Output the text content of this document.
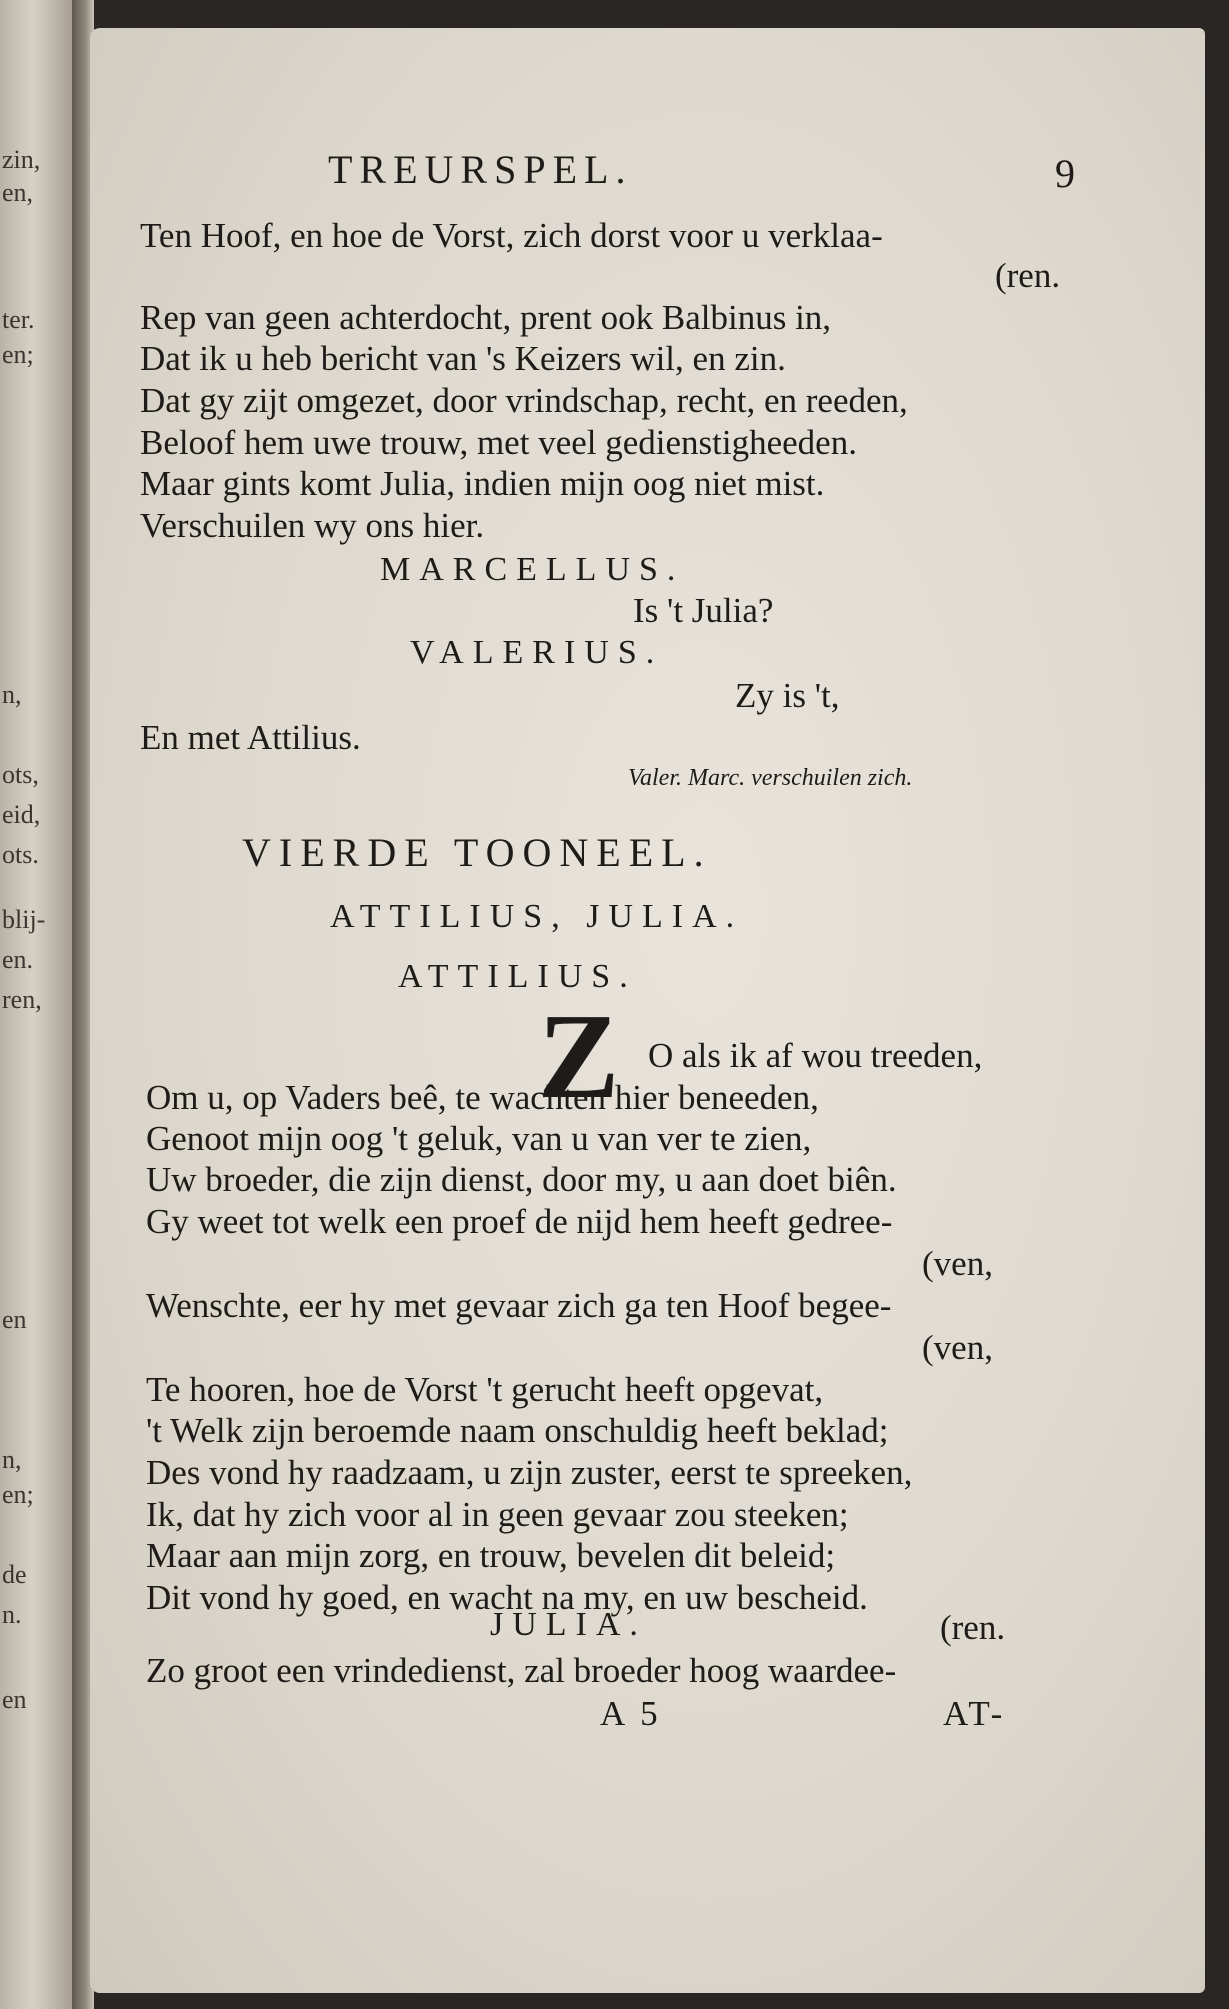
zin,
en,
ter.
en;
n,
ots,
eid,
ots.
blij-
en.
ren,
en
n,
en;
de
n.
en
TREURSPEL.	9
Ten Hoof, en hoe de Vorst, zich dorst voor u verklaa-
(ren.
Rep van geen achterdocht, prent ook Balbinus in,
Dat ik u heb bericht van 's Keizers wil, en zin.
Dat gy zijt omgezet, door vrindschap, recht, en reeden,
Beloof hem uwe trouw, met veel gedienstigheeden.
Maar gints komt Julia, indien mijn oog niet mist.
Verschuilen wy ons hier.
MARCELLUS.
Is 't Julia?
VALERIUS.
Zy is 't,
En met Attilius.
Valer. Marc. verschuilen zich.
VIERDE TOONEEL.
ATTILIUS, JULIA.
ATTILIUS.
Z O als ik af wou treeden,
Om u, op Vaders beê, te wachten hier beneeden,
Genoot mijn oog 't geluk, van u van ver te zien,
Uw broeder, die zijn dienst, door my, u aan doet biên.
Gy weet tot welk een proef de nijd hem heeft gedree-
(ven,
Wenschte, eer hy met gevaar zich ga ten Hoof begee-
(ven,
Te hooren, hoe de Vorst 't gerucht heeft opgevat,
't Welk zijn beroemde naam onschuldig heeft beklad;
Des vond hy raadzaam, u zijn zuster, eerst te spreeken,
Ik, dat hy zich voor al in geen gevaar zou steeken;
Maar aan mijn zorg, en trouw, bevelen dit beleid;
Dit vond hy goed, en wacht na my, en uw bescheid.
JULIA.	(ren.
Zo groot een vrindedienst, zal broeder hoog waardee-
A 5	AT-
